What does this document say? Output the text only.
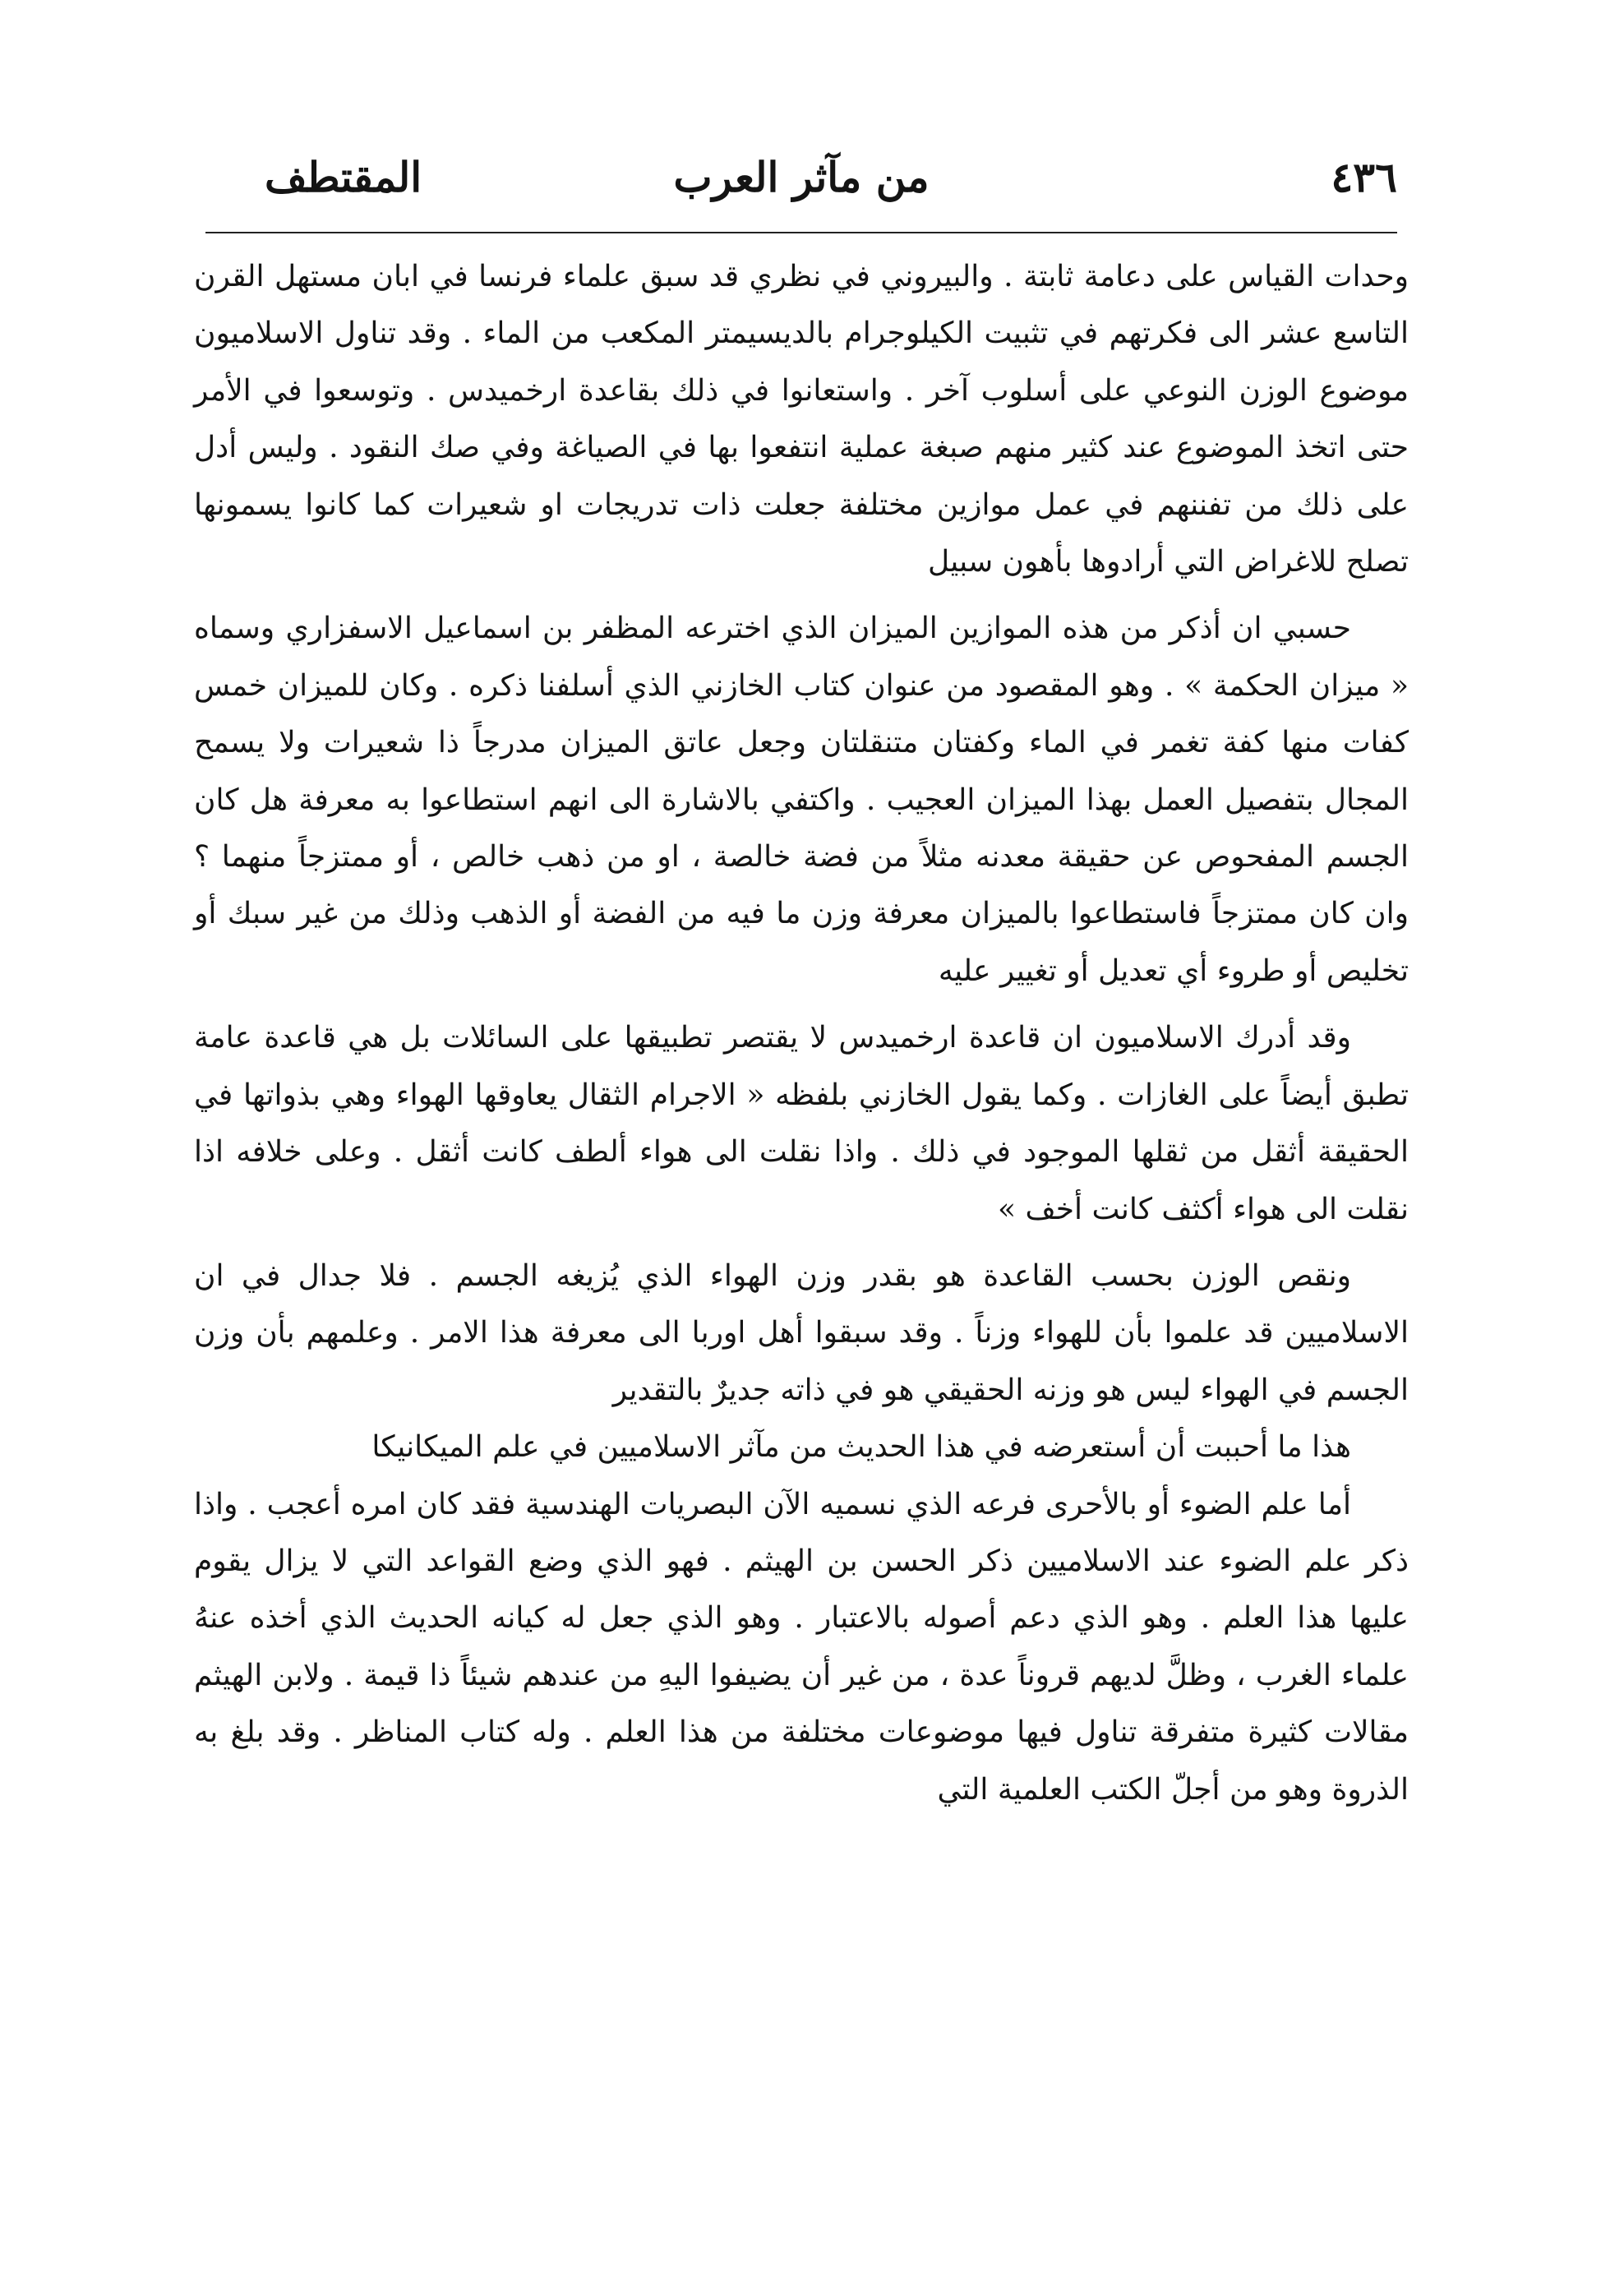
٤٣٦
من مآثر العرب
المقتطف

وحدات القياس على دعامة ثابتة . والبيروني في نظري قد سبق علماء فرنسا في ابان مستهل القرن التاسع عشر الى فكرتهم في تثبيت الكيلوجرام بالديسيمتر المكعب من الماء . وقد تناول الاسلاميون موضوع الوزن النوعي على أسلوب آخر . واستعانوا في ذلك بقاعدة ارخميدس . وتوسعوا في الأمر حتى اتخذ الموضوع عند كثير منهم صبغة عملية انتفعوا بها في الصياغة وفي صك النقود . وليس أدل على ذلك من تفننهم في عمل موازين مختلفة جعلت ذات تدريجات او شعيرات كما كانوا يسمونها تصلح للاغراض التي أرادوها بأهون سبيل

حسبي ان أذكر من هذه الموازين الميزان الذي اخترعه المظفر بن اسماعيل الاسفزاري وسماه « ميزان الحكمة » . وهو المقصود من عنوان كتاب الخازني الذي أسلفنا ذكره . وكان للميزان خمس كفات منها كفة تغمر في الماء وكفتان متنقلتان وجعل عاتق الميزان مدرجاً ذا شعيرات ولا يسمح المجال بتفصيل العمل بهذا الميزان العجيب . واكتفي بالاشارة الى انهم استطاعوا به معرفة هل كان الجسم المفحوص عن حقيقة معدنه مثلاً من فضة خالصة ، او من ذهب خالص ، أو ممتزجاً منهما ؟ وان كان ممتزجاً فاستطاعوا بالميزان معرفة وزن ما فيه من الفضة أو الذهب وذلك من غير سبك أو تخليص أو طروء أي تعديل أو تغيير عليه

وقد أدرك الاسلاميون ان قاعدة ارخميدس لا يقتصر تطبيقها على السائلات بل هي قاعدة عامة تطبق أيضاً على الغازات . وكما يقول الخازني بلفظه « الاجرام الثقال يعاوقها الهواء وهي بذواتها في الحقيقة أثقل من ثقلها الموجود في ذلك . واذا نقلت الى هواء ألطف كانت أثقل . وعلى خلافه اذا نقلت الى هواء أكثف كانت أخف »

ونقص الوزن بحسب القاعدة هو بقدر وزن الهواء الذي يُزيغه الجسم . فلا جدال في ان الاسلاميين قد علموا بأن للهواء وزناً . وقد سبقوا أهل اوربا الى معرفة هذا الامر . وعلمهم بأن وزن الجسم في الهواء ليس هو وزنه الحقيقي هو في ذاته جديرٌ بالتقدير

هذا ما أحببت أن أستعرضه في هذا الحديث من مآثر الاسلاميين في علم الميكانيكا

أما علم الضوء أو بالأحرى فرعه الذي نسميه الآن البصريات الهندسية فقد كان امره أعجب . واذا ذكر علم الضوء عند الاسلاميين ذكر الحسن بن الهيثم . فهو الذي وضع القواعد التي لا يزال يقوم عليها هذا العلم . وهو الذي دعم أصوله بالاعتبار . وهو الذي جعل له كيانه الحديث الذي أخذه عنهُ علماء الغرب ، وظلَّ لديهم قروناً عدة ، من غير أن يضيفوا اليهِ من عندهم شيئاً ذا قيمة . ولابن الهيثم مقالات كثيرة متفرقة تناول فيها موضوعات مختلفة من هذا العلم . وله كتاب المناظر . وقد بلغ به الذروة وهو من أجلّ الكتب العلمية التي
